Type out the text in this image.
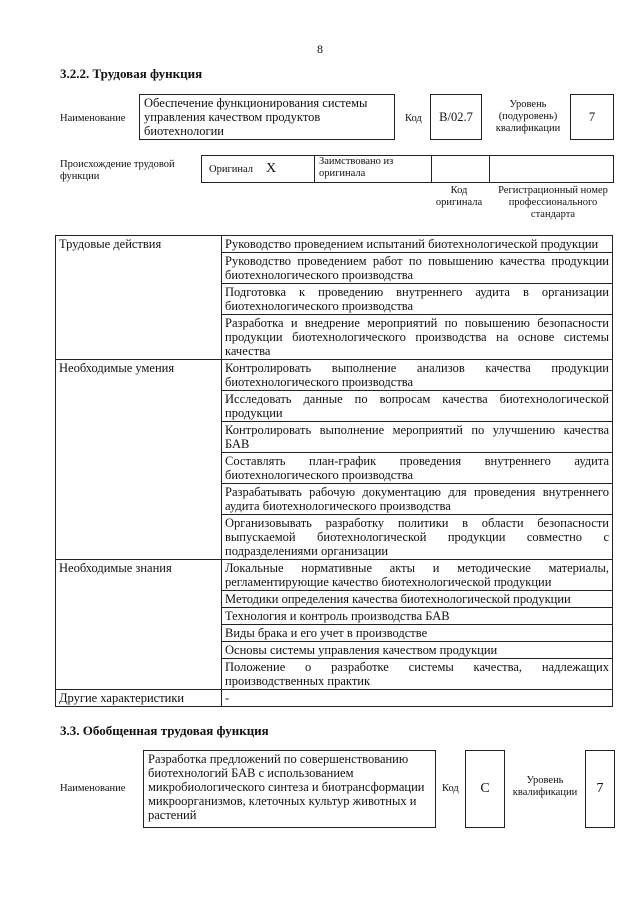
8
3.2.2. Трудовая функция
Наименование
Обеспечение функционирования системы управления качеством продуктов биотехнологии
Код B/02.7
Уровень (подуровень) квалификации
7
Происхождение трудовой функции
Оригинал X	Заимствовано из оригинала
Код оригинала
Регистрационный номер профессионального стандарта
Трудовые действия	Руководство проведением испытаний биотехнологической продукции
	Руководство проведением работ по повышению качества продукции биотехнологического производства
	Подготовка к проведению внутреннего аудита в организации биотехнологического производства
	Разработка и внедрение мероприятий по повышению безопасности продукции биотехнологического производства на основе системы качества
Необходимые умения	Контролировать выполнение анализов качества продукции биотехнологического производства
	Исследовать данные по вопросам качества биотехнологической продукции
	Контролировать выполнение мероприятий по улучшению качества БАВ
	Составлять план-график проведения внутреннего аудита биотехнологического производства
	Разрабатывать рабочую документацию для проведения внутреннего аудита биотехнологического производства
	Организовывать разработку политики в области безопасности выпускаемой биотехнологической продукции совместно с подразделениями организации
Необходимые знания	Локальные нормативные акты и методические материалы, регламентирующие качество биотехнологической продукции
	Методики определения качества биотехнологической продукции
	Технология и контроль производства БАВ
	Виды брака и его учет в производстве
	Основы системы управления качеством продукции
	Положение о разработке системы качества, надлежащих производственных практик
Другие характеристики	-
3.3. Обобщенная трудовая функция
Наименование
Разработка предложений по совершенствованию биотехнологий БАВ с использованием микробиологического синтеза и биотрансформации микроорганизмов, клеточных культур животных и растений
Код C
Уровень квалификации 7
